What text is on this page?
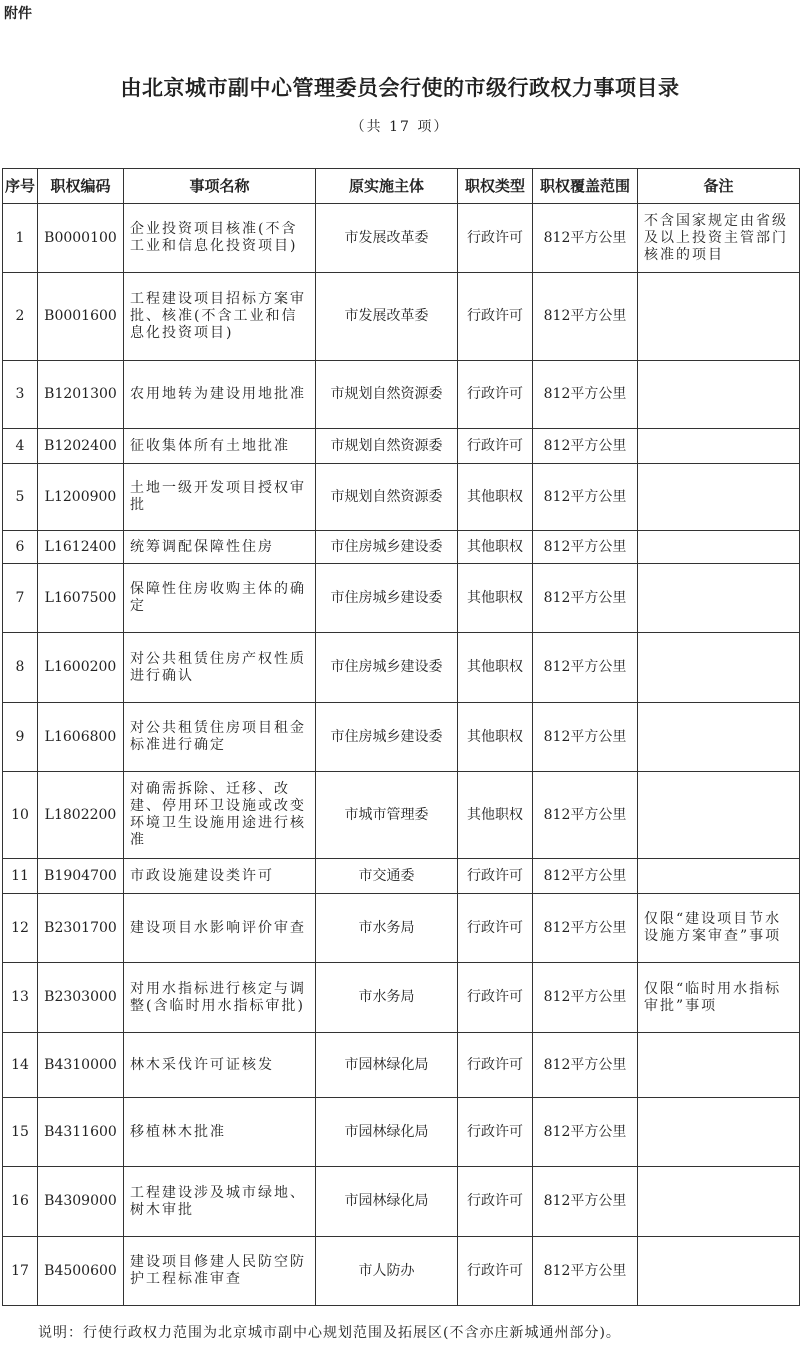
附件
由北京城市副中心管理委员会行使的市级行政权力事项目录
（共 17 项）
序号	职权编码	事项名称	原实施主体	职权类型	职权覆盖范围	备注
1	B0000100	企业投资项目核准(不含工业和信息化投资项目)	市发展改革委	行政许可	812平方公里	不含国家规定由省级及以上投资主管部门核准的项目
2	B0001600	工程建设项目招标方案审批、核准(不含工业和信息化投资项目)	市发展改革委	行政许可	812平方公里	
3	B1201300	农用地转为建设用地批准	市规划自然资源委	行政许可	812平方公里	
4	B1202400	征收集体所有土地批准	市规划自然资源委	行政许可	812平方公里	
5	L1200900	土地一级开发项目授权审批	市规划自然资源委	其他职权	812平方公里	
6	L1612400	统筹调配保障性住房	市住房城乡建设委	其他职权	812平方公里	
7	L1607500	保障性住房收购主体的确定	市住房城乡建设委	其他职权	812平方公里	
8	L1600200	对公共租赁住房产权性质进行确认	市住房城乡建设委	其他职权	812平方公里	
9	L1606800	对公共租赁住房项目租金标准进行确定	市住房城乡建设委	其他职权	812平方公里	
10	L1802200	对确需拆除、迁移、改建、停用环卫设施或改变环境卫生设施用途进行核准	市城市管理委	其他职权	812平方公里	
11	B1904700	市政设施建设类许可	市交通委	行政许可	812平方公里	
12	B2301700	建设项目水影响评价审查	市水务局	行政许可	812平方公里	仅限“建设项目节水设施方案审查”事项
13	B2303000	对用水指标进行核定与调整(含临时用水指标审批)	市水务局	行政许可	812平方公里	仅限“临时用水指标审批”事项
14	B4310000	林木采伐许可证核发	市园林绿化局	行政许可	812平方公里	
15	B4311600	移植林木批准	市园林绿化局	行政许可	812平方公里	
16	B4309000	工程建设涉及城市绿地、树木审批	市园林绿化局	行政许可	812平方公里	
17	B4500600	建设项目修建人民防空防护工程标准审查	市人防办	行政许可	812平方公里	
说明：行使行政权力范围为北京城市副中心规划范围及拓展区(不含亦庄新城通州部分)。
